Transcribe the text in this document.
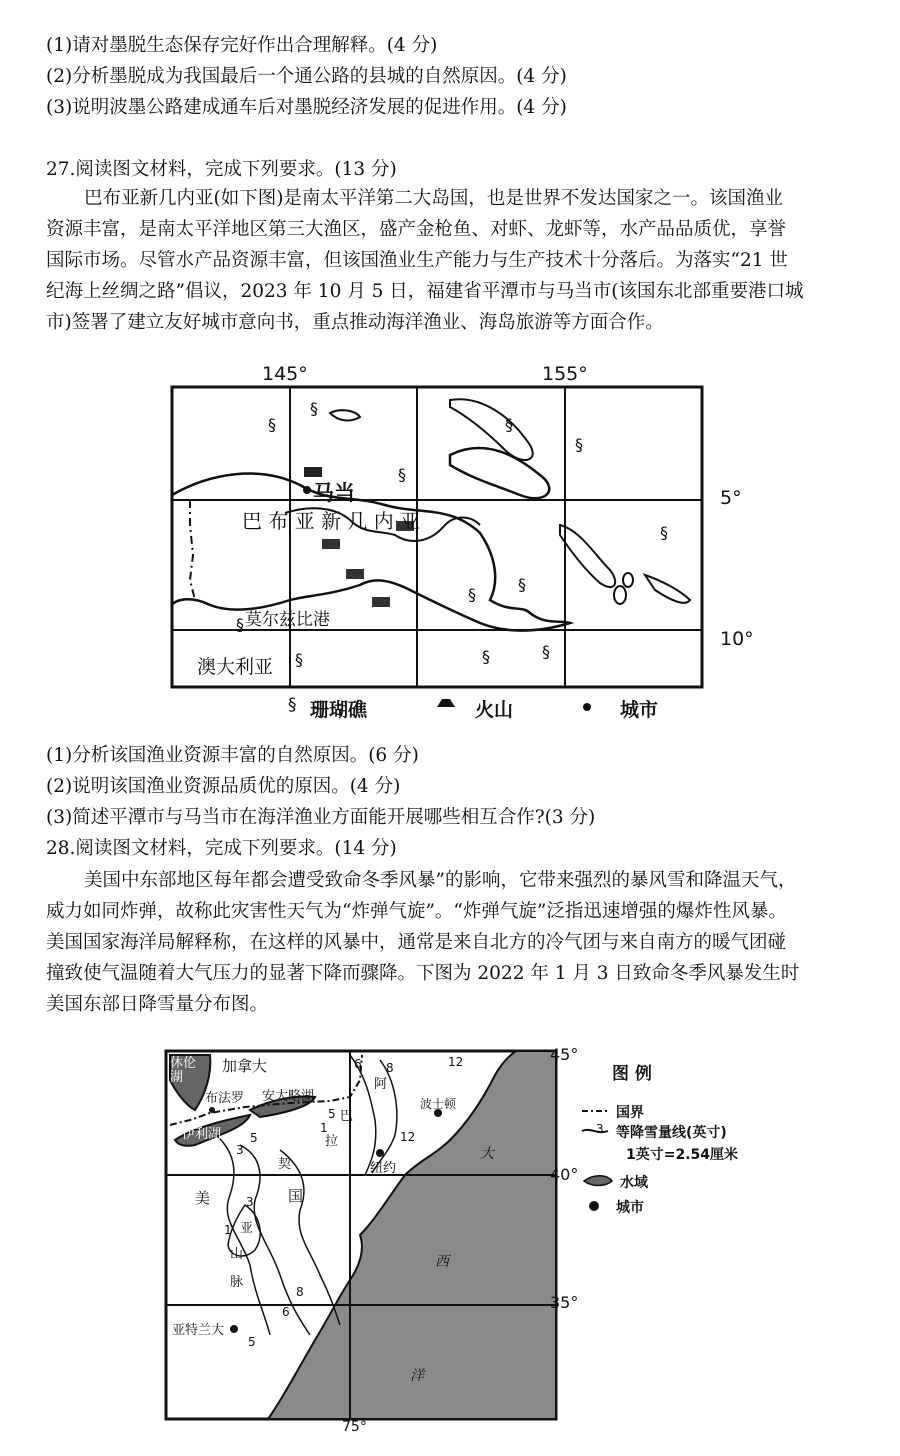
(1)请对墨脱生态保存完好作出合理解释。(4 分)
(2)分析墨脱成为我国最后一个通公路的县城的自然原因。(4 分)
(3)说明波墨公路建成通车后对墨脱经济发展的促进作用。(4 分)
27.阅读图文材料，完成下列要求。(13 分)
巴布亚新几内亚(如下图)是南太平洋第二大岛国，也是世界不发达国家之一。该国渔业
资源丰富，是南太平洋地区第三大渔区，盛产金枪鱼、对虾、龙虾等，水产品品质优，享誉
国际市场。尽管水产品资源丰富，但该国渔业生产能力与生产技术十分落后。为落实“21 世
纪海上丝绸之路”倡议，2023 年 10 月 5 日，福建省平潭市与马当市(该国东北部重要港口城
市)签署了建立友好城市意向书，重点推动海洋渔业、海岛旅游等方面合作。
145°	155°
5°
10°
马当
巴 布 亚 新 几 内 亚
莫尔兹比港
澳大利亚
§
§
§
§
§
§
§
§
§
§	§	§
§ 珊瑚礁	火山	城市
(1)分析该国渔业资源丰富的自然原因。(6 分)
(2)说明该国渔业资源品质优的原因。(4 分)
(3)简述平潭市与马当市在海洋渔业方面能开展哪些相互合作?(3 分)
28.阅读图文材料，完成下列要求。(14 分)
美国中东部地区每年都会遭受致命冬季风暴”的影响，它带来强烈的暴风雪和降温天气，
威力如同炸弹，故称此灾害性天气为“炸弹气旋”。“炸弹气旋”泛指迅速增强的爆炸性风暴。
美国国家海洋局解释称，在这样的风暴中，通常是来自北方的冷气团与来自南方的暖气团碰
撞致使气温随着大气压力的显著下降而骤降。下图为 2022 年 1 月 3 日致命冬季风暴发生时
美国东部日降雪量分布图。
45°
40°
35°
75°
休伦湖
加拿大
布法罗 安大略湖
伊利湖
波士顿
纽约
美	国
阿
巴
拉
契
亚
山
脉
亚特兰大
大
西
洋
6 8	12
12
5
1
3
5
3
1
8
6
5
图 例
国界
3 等降雪量线(英寸)
1英寸=2.54厘米
水域
城市
